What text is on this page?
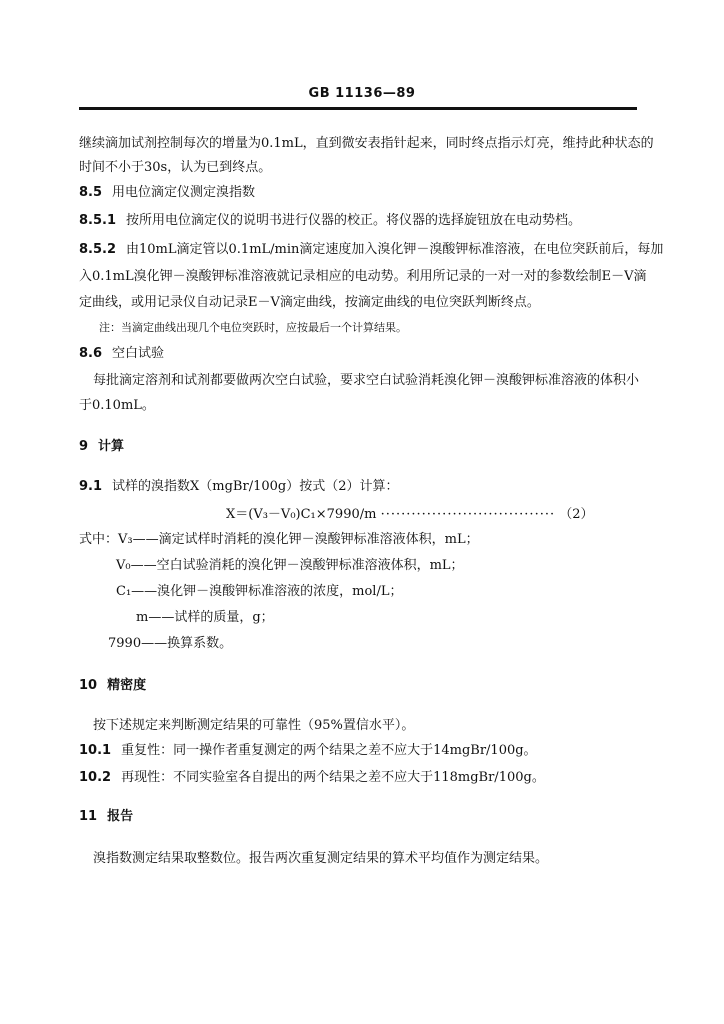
GB 11136—89
继续滴加试剂控制每次的增量为0.1mL，直到微安表指针起来，同时终点指示灯亮，维持此种状态的
时间不小于30s，认为已到终点。
8.5 用电位滴定仪测定溴指数
8.5.1 按所用电位滴定仪的说明书进行仪器的校正。将仪器的选择旋钮放在电动势档。
8.5.2 由10mL滴定管以0.1mL/min滴定速度加入溴化钾－溴酸钾标准溶液，在电位突跃前后，每加
入0.1mL溴化钾－溴酸钾标准溶液就记录相应的电动势。利用所记录的一对一对的参数绘制E－V滴
定曲线，或用记录仪自动记录E－V滴定曲线，按滴定曲线的电位突跃判断终点。
注：当滴定曲线出现几个电位突跃时，应按最后一个计算结果。
8.6 空白试验
每批滴定溶剂和试剂都要做两次空白试验，要求空白试验消耗溴化钾－溴酸钾标准溶液的体积小
于0.10mL。
9 计算
9.1 试样的溴指数X（mgBr/100g）按式（2）计算：
X＝(V₃－V₀)C₁×7990/m ·································· （2）
式中：V₃——滴定试样时消耗的溴化钾－溴酸钾标准溶液体积，mL；
V₀——空白试验消耗的溴化钾－溴酸钾标准溶液体积，mL；
C₁——溴化钾－溴酸钾标准溶液的浓度，mol/L；
m——试样的质量，g；
7990——换算系数。
10 精密度
按下述规定来判断测定结果的可靠性（95%置信水平）。
10.1 重复性：同一操作者重复测定的两个结果之差不应大于14mgBr/100g。
10.2 再现性：不同实验室各自提出的两个结果之差不应大于118mgBr/100g。
11 报告
溴指数测定结果取整数位。报告两次重复测定结果的算术平均值作为测定结果。
